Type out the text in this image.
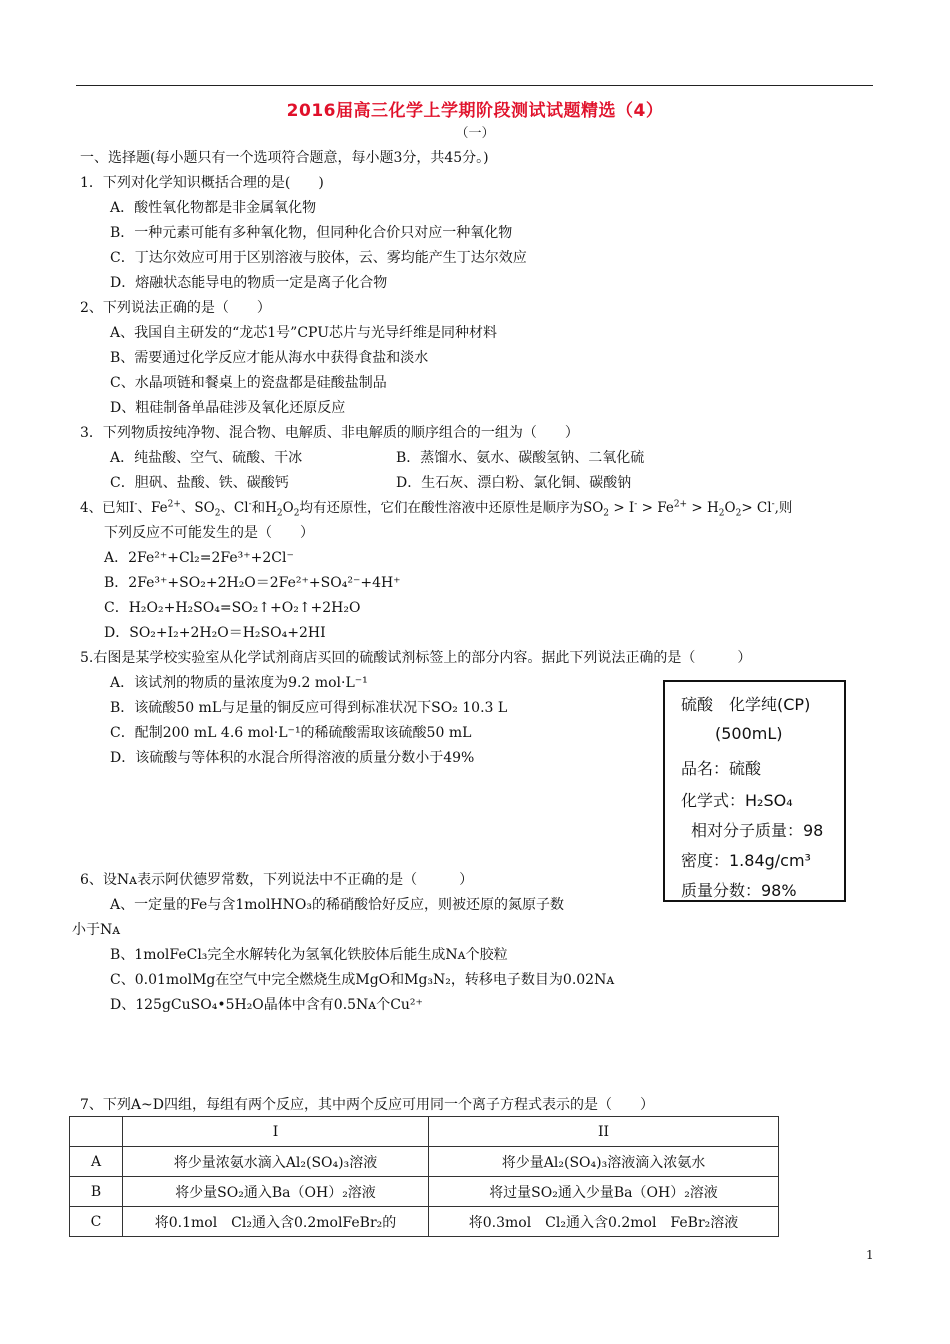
2016届高三化学上学期阶段测试试题精选（4）
（一）
一、选择题(每小题只有一个选项符合题意，每小题3分，共45分。)
1．下列对化学知识概括合理的是(　　)
A．酸性氧化物都是非金属氧化物
B．一种元素可能有多种氧化物，但同种化合价只对应一种氧化物
C．丁达尔效应可用于区别溶液与胶体，云、雾均能产生丁达尔效应
D．熔融状态能导电的物质一定是离子化合物
2、下列说法正确的是（　　）
A、我国自主研发的“龙芯1号”CPU芯片与光导纤维是同种材料
B、需要通过化学反应才能从海水中获得食盐和淡水
C、水晶项链和餐桌上的瓷盘都是硅酸盐制品
D、粗硅制备单晶硅涉及氧化还原反应
3．下列物质按纯净物、混合物、电解质、非电解质的顺序组合的一组为（　　）
A．纯盐酸、空气、硫酸、干冰	B．蒸馏水、氨水、碳酸氢钠、二氧化硫
C．胆矾、盐酸、铁、碳酸钙	D．生石灰、漂白粉、氯化铜、碳酸钠
4、已知I-、$Fe^{2+}$、$SO_2$、Cl-和$H_2O_2$均有还原性，它们在酸性溶液中还原性是顺序为$SO_2 > I^- > Fe^{2+} > H_2O_2> Cl^-$,则
下列反应不可能发生的是（　　）
A．2Fe²⁺+Cl₂=2Fe³⁺+2Cl⁻
B．2Fe³⁺+SO₂+2H₂O＝2Fe²⁺+SO₄²⁻+4H⁺
C．H₂O₂+H₂SO₄=SO₂↑+O₂↑+2H₂O
D．SO₂+I₂+2H₂O＝H₂SO₄+2HI
5.右图是某学校实验室从化学试剂商店买回的硫酸试剂标签上的部分内容。据此下列说法正确的是（　　　）
A．该试剂的物质的量浓度为9.2 mol·L⁻¹
B．该硫酸50 mL与足量的铜反应可得到标准状况下SO₂ 10.3 L
C．配制200 mL 4.6 mol·L⁻¹的稀硫酸需取该硫酸50 mL
D．该硫酸与等体积的水混合所得溶液的质量分数小于49%
硫酸　化学纯(CP)
(500mL)
品名：硫酸
化学式：H₂SO₄
相对分子质量：98
密度：1.84g/cm³
质量分数：98%
6、设Nᴀ表示阿伏德罗常数，下列说法中不正确的是（　　　）
A、一定量的Fe与含1molHNO₃的稀硝酸恰好反应，则被还原的氮原子数
小于Nᴀ
B、1molFeCl₃完全水解转化为氢氧化铁胶体后能生成Nᴀ个胶粒
C、0.01molMg在空气中完全燃烧生成MgO和Mg₃N₂，转移电子数目为0.02Nᴀ
D、125gCuSO₄•5H₂O晶体中含有0.5Nᴀ个Cu²⁺
7、下列A~D四组，每组有两个反应，其中两个反应可用同一个离子方程式表示的是（　　）
	I	II
A	将少量浓氨水滴入Al₂(SO₄)₃溶液	将少量Al₂(SO₄)₃溶液滴入浓氨水
B	将少量SO₂通入Ba（OH）₂溶液	将过量SO₂通入少量Ba（OH）₂溶液
C	将0.1mol　Cl₂通入含0.2molFeBr₂的	将0.3mol　Cl₂通入含0.2mol　FeBr₂溶液
1
